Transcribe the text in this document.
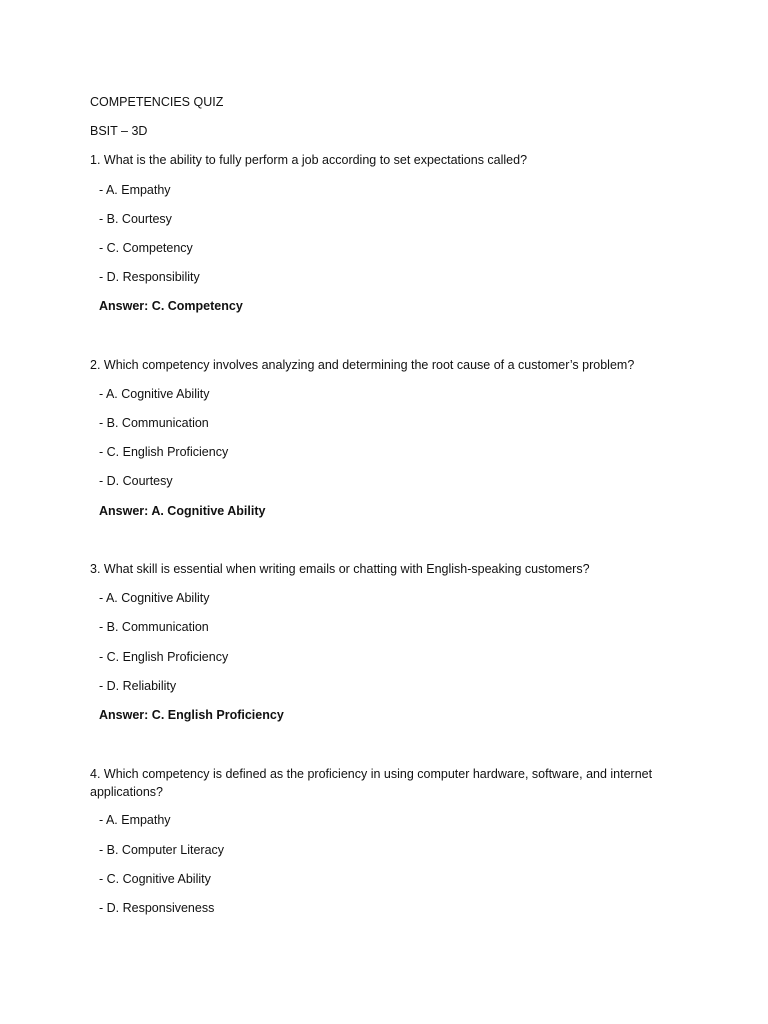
COMPETENCIES QUIZ
BSIT – 3D
1. What is the ability to fully perform a job according to set expectations called?
- A. Empathy
- B. Courtesy
- C. Competency
- D. Responsibility
Answer: C. Competency
2. Which competency involves analyzing and determining the root cause of a customer’s problem?
- A. Cognitive Ability
- B. Communication
- C. English Proficiency
- D. Courtesy
Answer: A. Cognitive Ability
3. What skill is essential when writing emails or chatting with English-speaking customers?
- A. Cognitive Ability
- B. Communication
- C. English Proficiency
- D. Reliability
Answer: C. English Proficiency
4. Which competency is defined as the proficiency in using computer hardware, software, and internet applications?
- A. Empathy
- B. Computer Literacy
- C. Cognitive Ability
- D. Responsiveness
